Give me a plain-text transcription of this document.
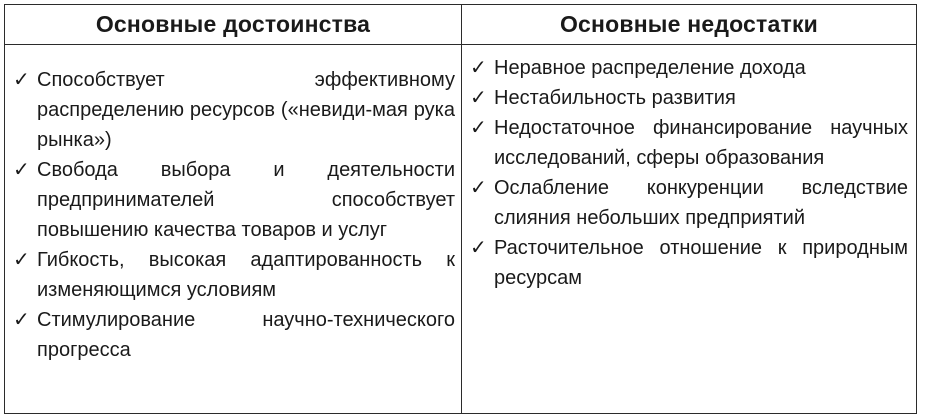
Основные достоинства
✓ Способствует эффективному распределению ресурсов («невиди-мая рука рынка»)
✓ Свобода выбора и деятельности предпринимателей способствует повышению качества товаров и услуг
✓ Гибкость, высокая адаптированность к изменяющимся условиям
✓ Стимулирование научно-технического прогресса
Основные недостатки
✓ Неравное распределение дохода
✓ Нестабильность развития
✓ Недостаточное финансирование научных исследований, сферы образования
✓ Ослабление конкуренции вследствие слияния небольших предприятий
✓ Расточительное отношение к природным ресурсам
